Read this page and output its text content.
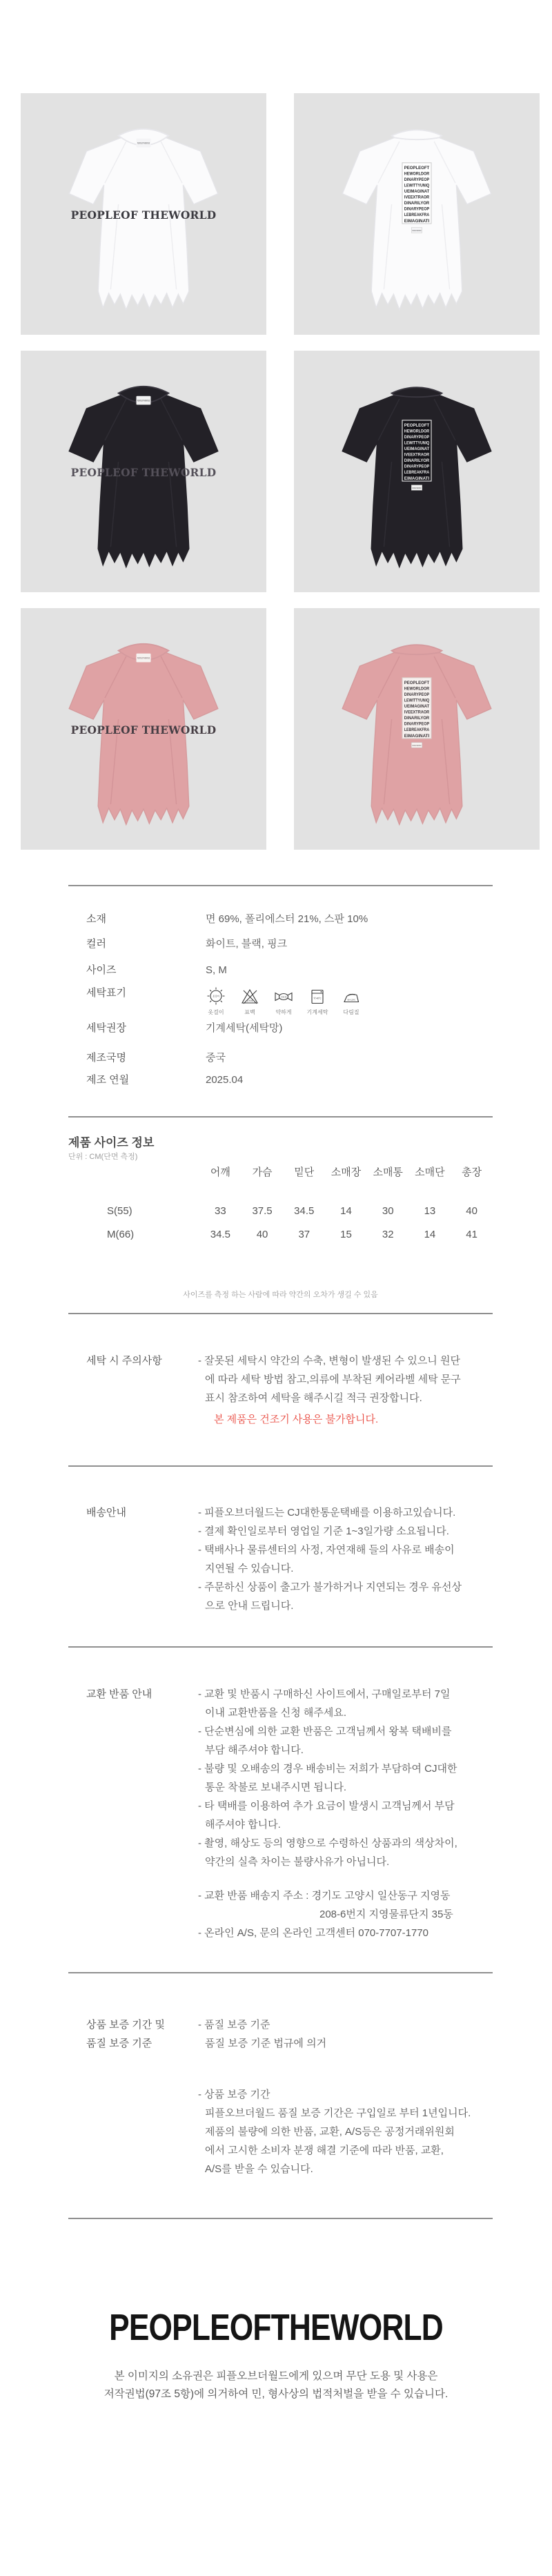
PEOPLEOF THEWORLD
PEOPLEOFTHEWORLD
PEOPLEOFT
HEWORLDOR
DINARYPEOP
LEWITTYUNIQ
UEIMAGINAT
IVEEXTRAOR
DINARILYOR
DINARYPEOP
LEBREAKFRA
EIMAGINATI
PEOPLEOFTHEWORLD
PEOPLEOF THEWORLD
PEOPLEOFTHEWORLD
PEOPLEOFT
HEWORLDOR
DINARYPEOP
LEWITTYUNIQ
UEIMAGINAT
IVEEXTRAOR
DINARILYOR
DINARYPEOP
LEBREAKFRA
EIMAGINATI
PEOPLEOFTHEWORLD
PEOPLEOF THEWORLD
PEOPLEOFTHEWORLD
PEOPLEOFT
HEWORLDOR
DINARYPEOP
LEWITTYUNIQ
UEIMAGINAT
IVEEXTRAOR
DINARILYOR
DINARYPEOP
LEBREAKFRA
EIMAGINATI
PEOPLEOFTHEWORLD
소재	면 69%, 폴리에스터 21%, 스판 10%
컬러	화이트, 블랙, 핑크
사이즈	S, M
세탁표기	옷걸이
옷걸이
표백제
표백
약하게
약하게
약 40°C
기계세탁
80~120°C
다림질
세탁권장	기계세탁(세탁망)
제조국명	중국
제조 연월	2025.04
제품 사이즈 정보
단위 : CM(단면 측정)
어깨	가슴	밑단	소매장	소매통	소매단	총장
S(55)	33	37.5	34.5	14	30	13	40
M(66)	34.5	40	37	15	32	14	41
사이즈를 측정 하는 사람에 따라 약간의 오차가 생길 수 있음
세탁 시 주의사항	- 잘못된 세탁시 약간의 수축, 변형이 발생된 수 있으니 원단
에 따라 세탁 방법 참고,의류에 부착된 케어라벨 세탁 문구
표시 참조하여 세탁을 해주시길 적극 권장합니다.
본 제품은 건조기 사용은 불가합니다.
배송안내	- 피플오브더월드는 CJ대한통운택배를 이용하고있습니다.
- 결제 확인일로부터 영업일 기준 1~3일가량 소요됩니다.
- 택배사나 물류센터의 사정, 자연재해 들의 사유로 배송이
지연될 수 있습니다.
- 주문하신 상품이 출고가 불가하거나 지연되는 경우 유선상
으로 안내 드립니다.
교환 반품 안내	- 교환 및 반품시 구매하신 사이트에서, 구매일로부터 7일
이내 교환반품을 신청 해주세요.
- 단순변심에 의한 교환 반품은 고객님께서 왕복 택배비를
부담 해주셔야 합니다.
- 불량 및 오배송의 경우 배송비는 저희가 부담하여 CJ대한
통운 착불로 보내주시면 됩니다.
- 타 택배를 이용하여 추가 요금이 발생시 고객님께서 부담
해주셔야 합니다.
- 촬영, 해상도 등의 영향으로 수령하신 상품과의 색상차이,
약간의 실측 차이는 불량사유가 아닙니다.
- 교환 반품 배송지 주소 : 경기도 고양시 일산동구 지영동
208-6번지 지영물류단지 35동
- 온라인 A/S, 문의 온라인 고객센터 070-7707-1770
상품 보증 기간 및
품질 보증 기준
- 품질 보증 기준
품질 보증 기준 법규에 의거
- 상품 보증 기간
피플오브더월드 품질 보증 기간은 구입일로 부터 1년입니다.
제품의 불량에 의한 반품, 교환, A/S등은 공정거래위원회
에서 고시한 소비자 분쟁 해결 기준에 따라 반품, 교환,
A/S를 받을 수 있습니다.
PEOPLEOFTHEWORLD
본 이미지의 소유권은 피플오브더월드에게 있으며 무단 도용 및 사용은
저작권법(97조 5항)에 의거하여 민, 형사상의 법적처벌을 받을 수 있습니다.
